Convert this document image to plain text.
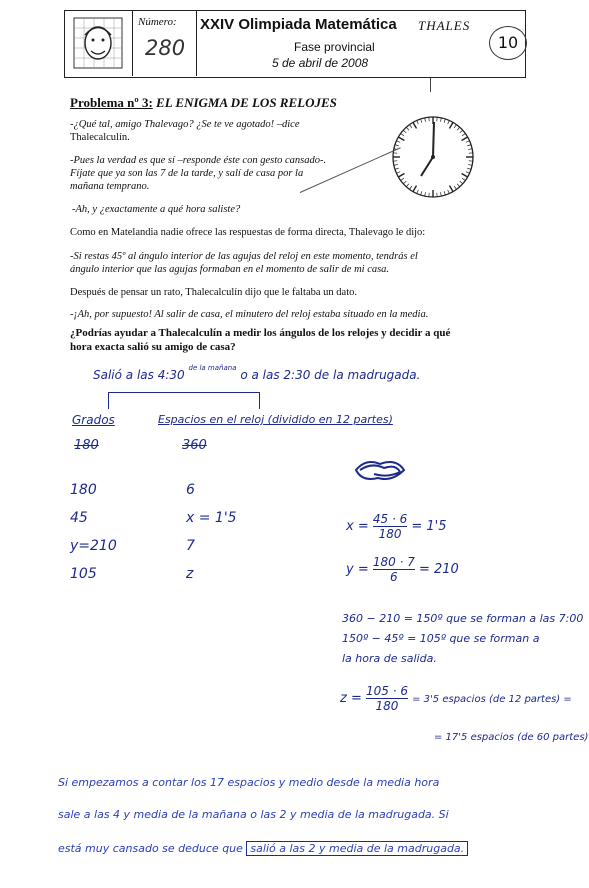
Número:
280
XXIV Olimpiada Matemática THALES
Fase provincial
5 de abril de 2008
10
Problema nº 3: EL ENIGMA DE LOS RELOJES
-¿Qué tal, amigo Thalevago? ¿Se te ve agotado! –dice
Thalecalculín.
-Pues la verdad es que sí –responde éste con gesto cansado-.
Fíjate que ya son las 7 de la tarde, y salí de casa por la
mañana temprano.
-Ah, y ¿exactamente a qué hora saliste?
Como en Matelandia nadie ofrece las respuestas de forma directa, Thalevago le dijo:
-Si restas 45º al ángulo interior de las agujas del reloj en este momento, tendrás el
ángulo interior que las agujas formaban en el momento de salir de mi casa.
Después de pensar un rato, Thalecalculín dijo que le faltaba un dato.
-¡Ah, por supuesto! Al salir de casa, el minutero del reloj estaba situado en la media.
¿Podrías ayudar a Thalecalculín a medir los ángulos de los relojes y decidir a qué
hora exacta salió su amigo de casa?
Salió a las 4:30 $^{de la mañana}$ o a las 2:30 de la madrugada.
Grados	Espacios en el reloj (dividido en 12 partes)
180	360
180
45
y=210
105
6
x = 1'5
7
z
$x = \frac{45 \cdot 6}{180} = 1'5$
$y = \frac{180 \cdot 7}{6} = 210$
360 − 210 = 150º que se forman a las 7:00
150º − 45º = 105º que se forman a
la hora de salida.
$z = \frac{105 \cdot 6}{180} = 3'5$ espacios (de 12 partes) =
= 17'5 espacios (de 60 partes)
Si empezamos a contar los 17 espacios y medio desde la media hora
sale a las 4 y media de la mañana o las 2 y media de la madrugada. Si
está muy cansado se deduce que salió a las 2 y media de la madrugada.
